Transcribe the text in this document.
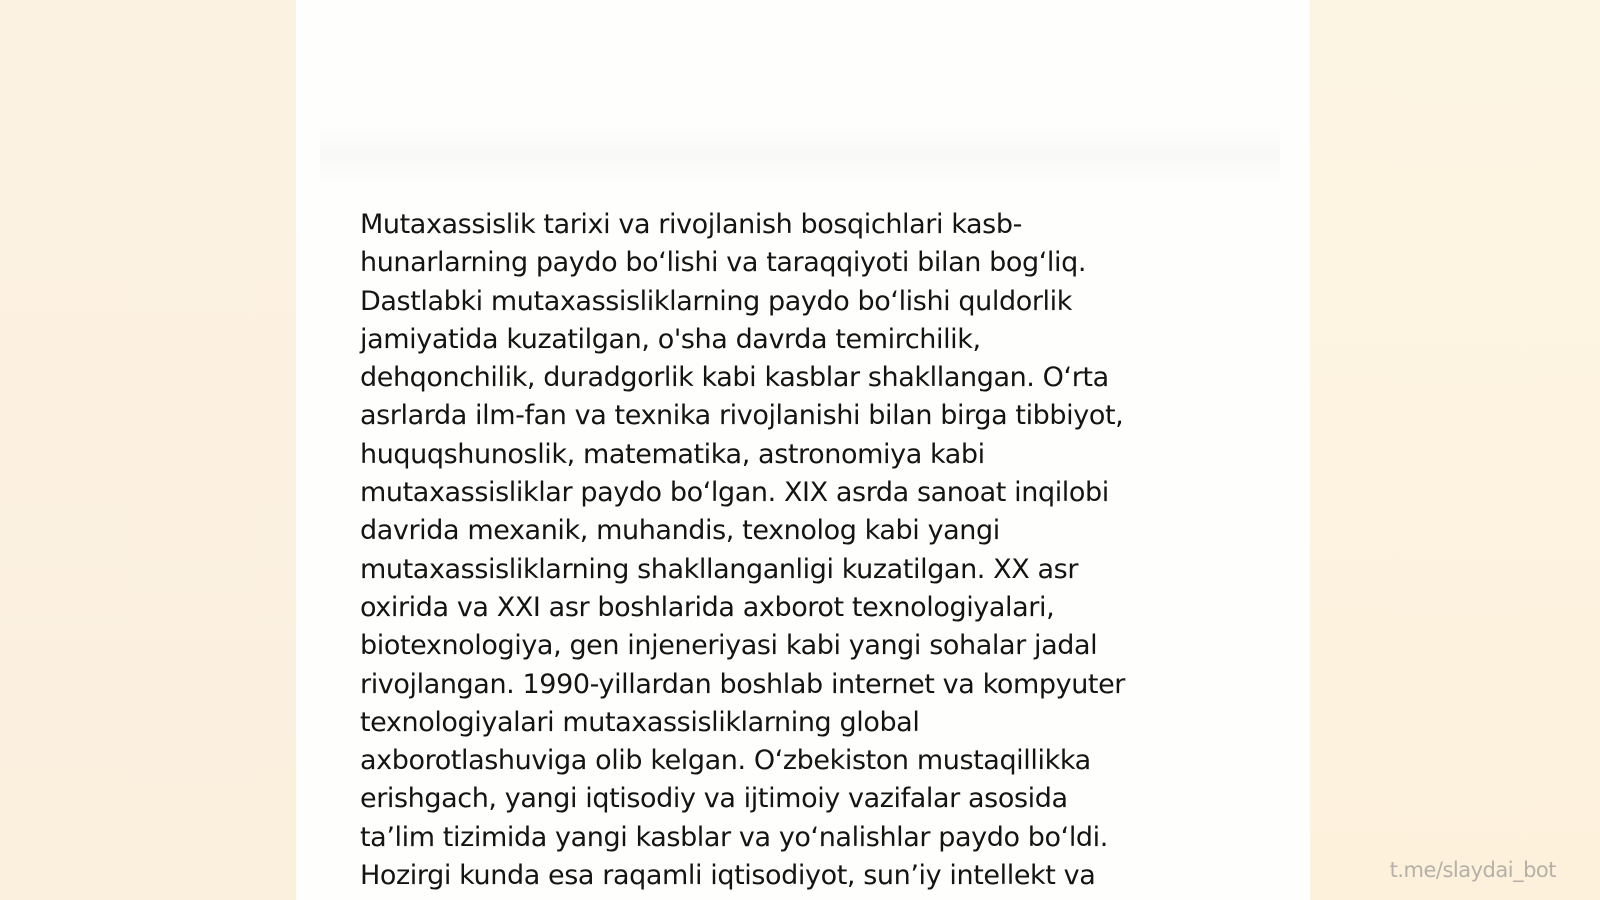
Mutaxassislik tarixi va rivojlanish bosqichlari kasb-
hunarlarning paydo bo‘lishi va taraqqiyoti bilan bog‘liq.
Dastlabki mutaxassisliklarning paydo bo‘lishi quldorlik
jamiyatida kuzatilgan, o'sha davrda temirchilik,
dehqonchilik, duradgorlik kabi kasblar shakllangan. O‘rta
asrlarda ilm-fan va texnika rivojlanishi bilan birga tibbiyot,
huquqshunoslik, matematika, astronomiya kabi
mutaxassisliklar paydo bo‘lgan. XIX asrda sanoat inqilobi
davrida mexanik, muhandis, texnolog kabi yangi
mutaxassisliklarning shakllanganligi kuzatilgan. XX asr
oxirida va XXI asr boshlarida axborot texnologiyalari,
biotexnologiya, gen injeneriyasi kabi yangi sohalar jadal
rivojlangan. 1990-yillardan boshlab internet va kompyuter
texnologiyalari mutaxassisliklarning global
axborotlashuviga olib kelgan. O‘zbekiston mustaqillikka
erishgach, yangi iqtisodiy va ijtimoiy vazifalar asosida
ta’lim tizimida yangi kasblar va yo‘nalishlar paydo bo‘ldi.
Hozirgi kunda esa raqamli iqtisodiyot, sun’iy intellekt va	t.me/slaydai_bot
